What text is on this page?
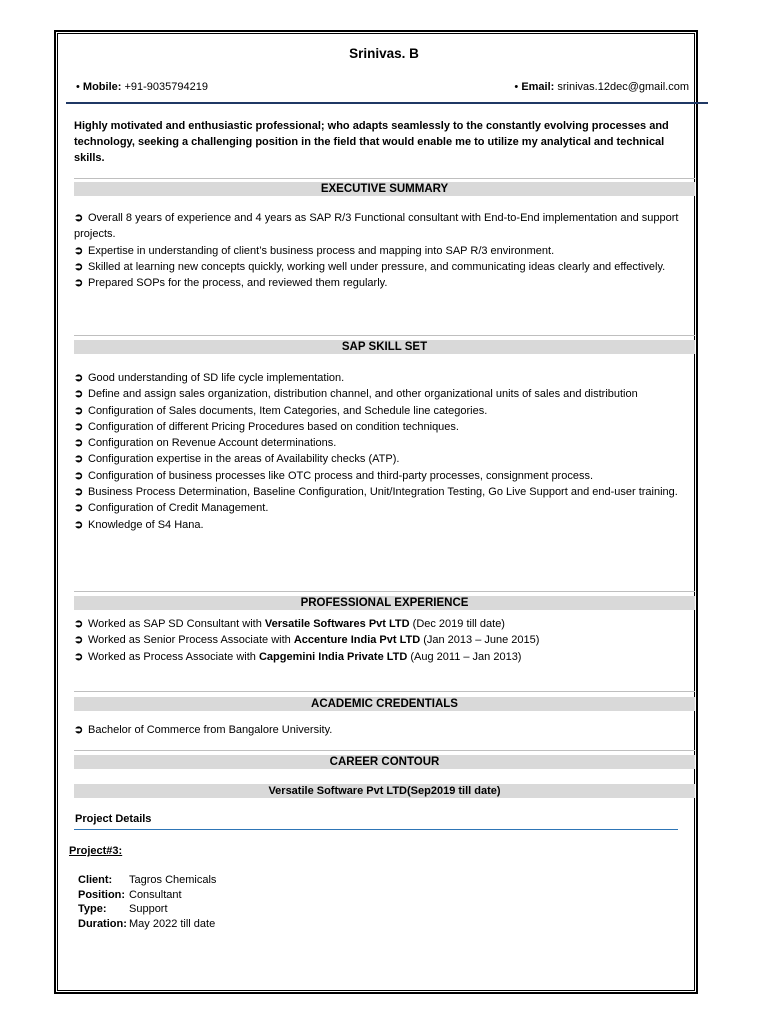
Srinivas. B
• Mobile: +91-9035794219	• Email: srinivas.12dec@gmail.com
Highly motivated and enthusiastic professional; who adapts seamlessly to the constantly evolving processes and technology, seeking a challenging position in the field that would enable me to utilize my analytical and technical skills.
EXECUTIVE SUMMARY

➲ Overall 8 years of experience and 4 years as SAP R/3 Functional consultant with End-to-End implementation and support projects.

➲ Expertise in understanding of client’s business process and mapping into SAP R/3 environment.

➲ Skilled at learning new concepts quickly, working well under pressure, and communicating ideas clearly and effectively.

➲ Prepared SOPs for the process, and reviewed them regularly.

SAP SKILL SET

➲ Good understanding of SD life cycle implementation.

➲ Define and assign sales organization, distribution channel, and other organizational units of sales and distribution

➲ Configuration of Sales documents, Item Categories, and Schedule line categories.

➲ Configuration of different Pricing Procedures based on condition techniques.

➲ Configuration on Revenue Account determinations.

➲ Configuration expertise in the areas of Availability checks (ATP).

➲ Configuration of business processes like OTC process and third-party processes, consignment process.

➲ Business Process Determination, Baseline Configuration, Unit/Integration Testing, Go Live Support and end-user training.

➲ Configuration of Credit Management.

➲ Knowledge of S4 Hana.

PROFESSIONAL EXPERIENCE

➲ Worked as SAP SD Consultant with Versatile Softwares Pvt LTD (Dec 2019 till date)

➲ Worked as Senior Process Associate with Accenture India Pvt LTD (Jan 2013 – June 2015)

➲ Worked as Process Associate with Capgemini India Private LTD (Aug 2011 – Jan 2013)

ACADEMIC CREDENTIALS

➲ Bachelor of Commerce from Bangalore University.

CAREER CONTOUR
Versatile Software Pvt LTD(Sep2019 till date)
Project Details
Project#3:
Client:	Tagros Chemicals
Position: Consultant
Type:	Support
Duration: May 2022 till date
